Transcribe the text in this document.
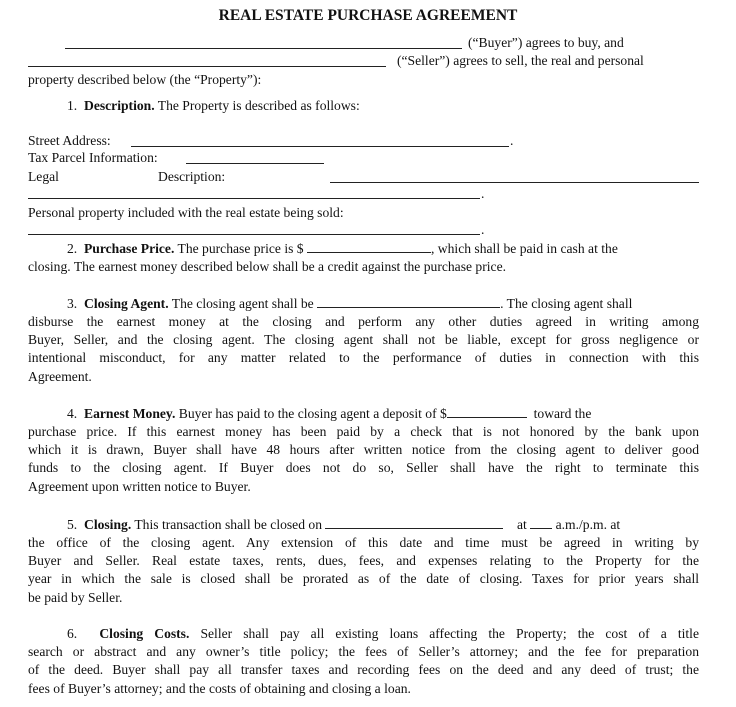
REAL ESTATE PURCHASE AGREEMENT
(“Buyer”) agrees to buy, and
(“Seller”) agrees to sell, the real and personal
property described below (the “Property”):
1. Description. The Property is described as follows:
Street Address:	.
Tax Parcel Information:
Legal	Description:
.
Personal property included with the real estate being sold:
.
2. Purchase Price. The purchase price is $	, which shall be paid in cash at the
closing. The earnest money described below shall be a credit against the purchase price.
3. Closing Agent. The closing agent shall be	. The closing agent shall
disburse the earnest money at the closing and perform any other duties agreed in writing among
Buyer, Seller, and the closing agent. The closing agent shall not be liable, except for gross negligence or
intentional misconduct, for any matter related to the performance of duties in connection with this
Agreement.
4. Earnest Money. Buyer has paid to the closing agent a deposit of $	toward the
purchase price. If this earnest money has been paid by a check that is not honored by the bank upon
which it is drawn, Buyer shall have 48 hours after written notice from the closing agent to deliver good
funds to the closing agent. If Buyer does not do so, Seller shall have the right to terminate this
Agreement upon written notice to Buyer.
5. Closing. This transaction shall be closed on	at a.m./p.m. at
the office of the closing agent. Any extension of this date and time must be agreed in writing by
Buyer and Seller. Real estate taxes, rents, dues, fees, and expenses relating to the Property for the
year in which the sale is closed shall be prorated as of the date of closing. Taxes for prior years shall
be paid by Seller.
6. Closing Costs. Seller shall pay all existing loans affecting the Property; the cost of a title
search or abstract and any owner’s title policy; the fees of Seller’s attorney; and the fee for preparation
of the deed. Buyer shall pay all transfer taxes and recording fees on the deed and any deed of trust; the
fees of Buyer’s attorney; and the costs of obtaining and closing a loan.
